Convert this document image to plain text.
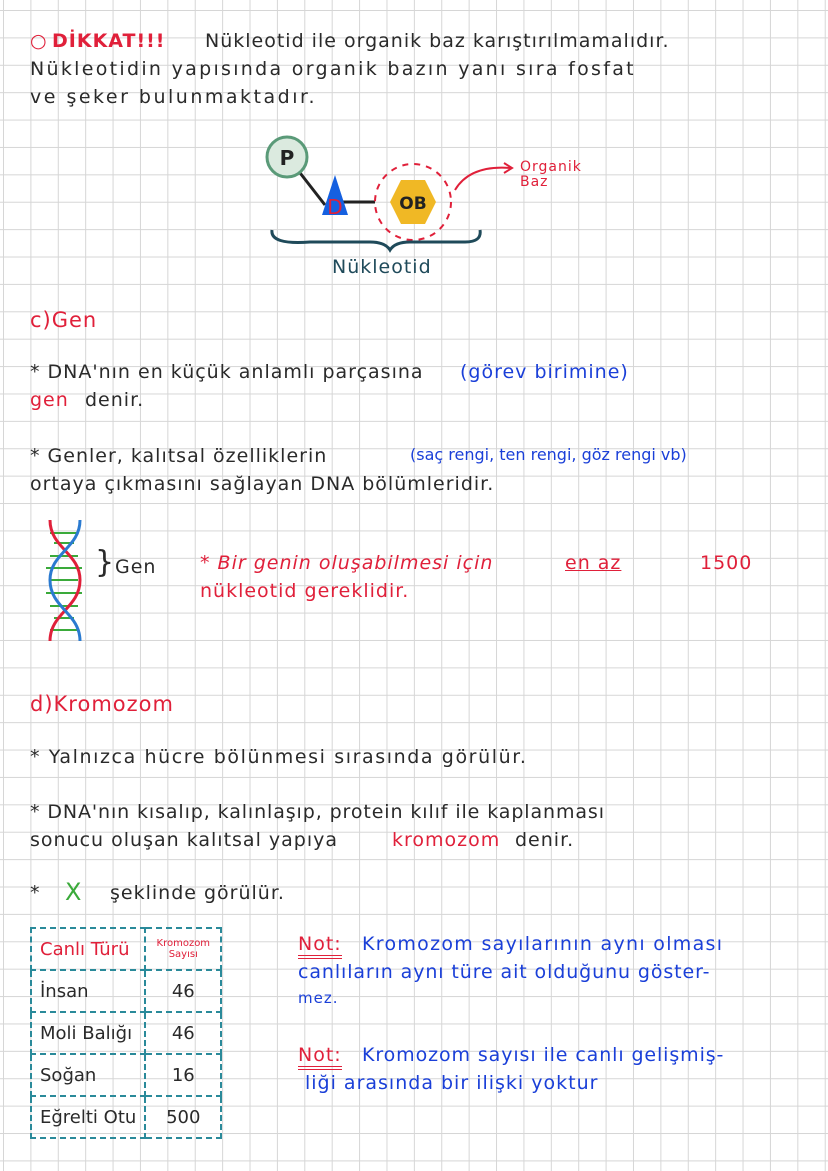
○ DİKKAT!!! Nükleotid ile organik baz karıştırılmamalıdır.
Nükleotidin yapısında organik bazın yanı sıra fosfat
ve şeker bulunmaktadır.
P
D	OB
Organik Baz
Nükleotid
c)Gen
* DNA'nın en küçük anlamlı parçasına (görev birimine)
gen denir.
* Genler, kalıtsal özelliklerin	(saç rengi, ten rengi, göz rengi vb)
ortaya çıkmasını sağlayan DNA bölümleridir.
} Gen * Bir genin oluşabilmesi için	en az	1500
nükleotid gereklidir.
d)Kromozom
* Yalnızca hücre bölünmesi sırasında görülür.
* DNA'nın kısalıp, kalınlaşıp, protein kılıf ile kaplanması
sonucu oluşan kalıtsal yapıya	kromozom denir.
* X şeklinde görülür.
Canlı Türü	Kromozom Sayısı
İnsan	46
Moli Balığı	46
Soğan	16
Eğrelti Otu	500
Not: Kromozom sayılarının aynı olması
canlıların aynı türe ait olduğunu göster-
mez.
Not: Kromozom sayısı ile canlı gelişmiş-
liği arasında bir ilişki yoktur
